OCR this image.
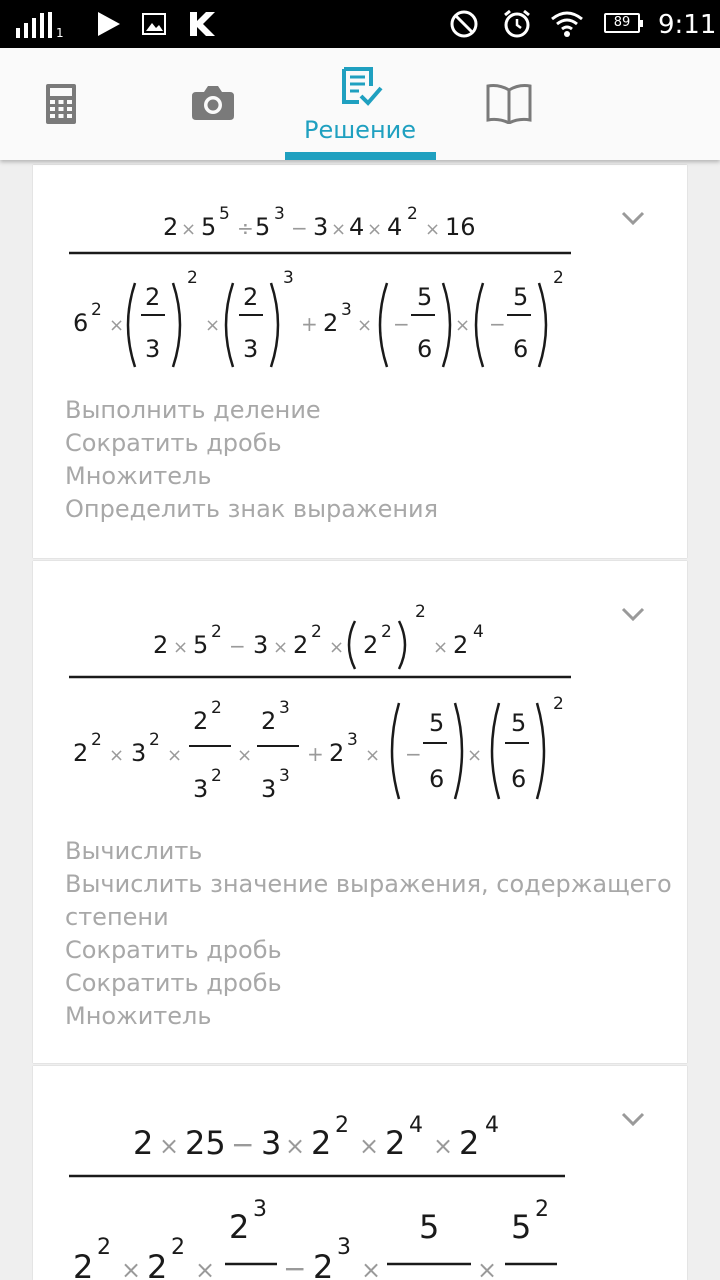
1
89	9:11
Решение
2 × 5 5
÷ 5 3
− 3 × 4 × 4 2
× 16
6 2
×
2
3
2
×
2
3
3
+ 2 3
× −
5
6
× −
5
6
2
Выполнить деление
Сократить дробь
Множитель
Определить знак выражения
2 × 5 2
− 3 × 2 2
× 2 2
2
× 2 4
2 2
× 3 2
×
2 2
3 2
×
2 3
3 3
+ 2 3
× −
5
6
×
5
6
2
Вычислить
Вычислить значение выражения, содержащего
степени
Сократить дробь
Сократить дробь
Множитель
2 × 25 − 3 × 2 2
× 2 4
× 2 4
2
2
× 2
2
×
2 3
− 2
3
×
5
×
5 2
